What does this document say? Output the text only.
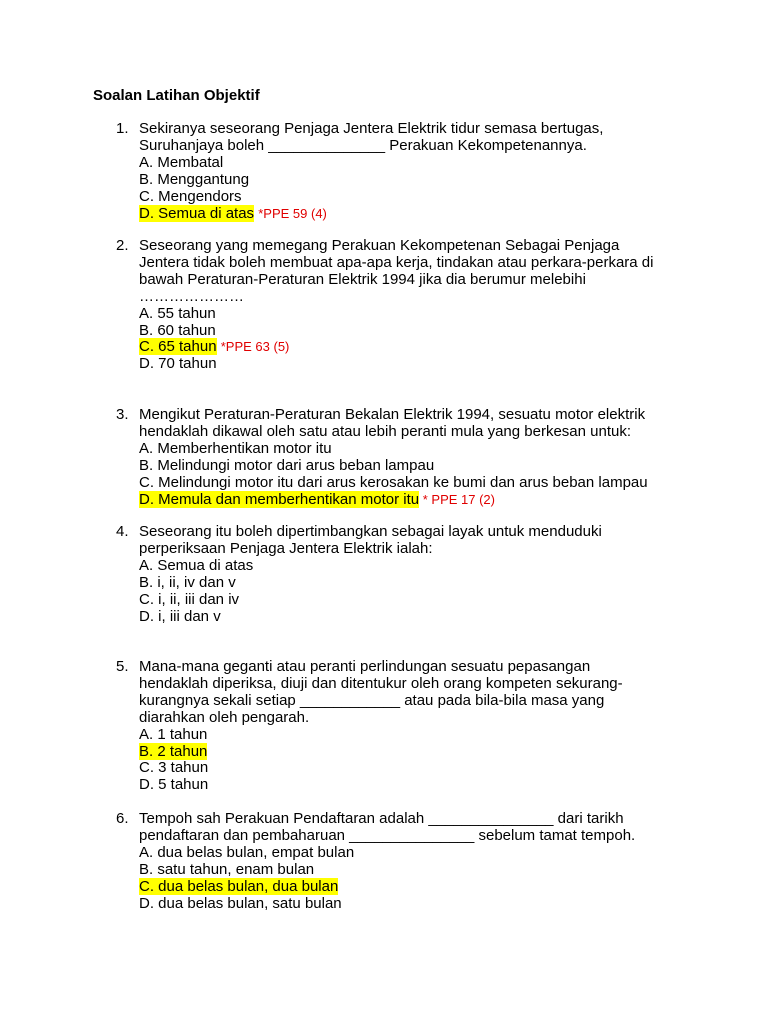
Soalan Latihan Objektif
1. Sekiranya seseorang Penjaga Jentera Elektrik tidur semasa bertugas,
Suruhanjaya boleh ______________ Perakuan Kekompetenannya.
A. Membatal
B. Menggantung
C. Mengendors
D. Semua di atas *PPE 59 (4)
2. Seseorang yang memegang Perakuan Kekompetenan Sebagai Penjaga
Jentera tidak boleh membuat apa-apa kerja, tindakan atau perkara-perkara di
bawah Peraturan-Peraturan Elektrik 1994 jika dia berumur melebihi
…………………
A. 55 tahun
B. 60 tahun
C. 65 tahun *PPE 63 (5)
D. 70 tahun
3. Mengikut Peraturan-Peraturan Bekalan Elektrik 1994, sesuatu motor elektrik
hendaklah dikawal oleh satu atau lebih peranti mula yang berkesan untuk:
A. Memberhentikan motor itu
B. Melindungi motor dari arus beban lampau
C. Melindungi motor itu dari arus kerosakan ke bumi dan arus beban lampau
D. Memula dan memberhentikan motor itu * PPE 17 (2)
4. Seseorang itu boleh dipertimbangkan sebagai layak untuk menduduki
perperiksaan Penjaga Jentera Elektrik ialah:
A. Semua di atas
B. i, ii, iv dan v
C. i, ii, iii dan iv
D. i, iii dan v
5. Mana-mana geganti atau peranti perlindungan sesuatu pepasangan
hendaklah diperiksa, diuji dan ditentukur oleh orang kompeten sekurang-
kurangnya sekali setiap ____________ atau pada bila-bila masa yang
diarahkan oleh pengarah.
A. 1 tahun
B. 2 tahun
C. 3 tahun
D. 5 tahun
6. Tempoh sah Perakuan Pendaftaran adalah _______________ dari tarikh
pendaftaran dan pembaharuan _______________ sebelum tamat tempoh.
A. dua belas bulan, empat bulan
B. satu tahun, enam bulan
C. dua belas bulan, dua bulan
D. dua belas bulan, satu bulan
